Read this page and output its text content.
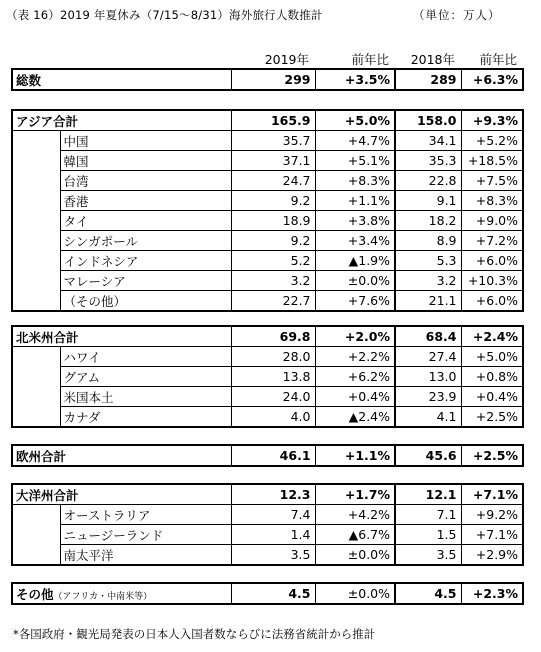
（表 16）2019 年夏休み（7/15～8/31）海外旅行人数推計	（単位：万人）
			2019年	前年比	2018年	前年比
総数	299	+3.5%	289	+6.3%
アジア合計		165.9	+5.0%	158.0	+9.3%
	中国	35.7	+4.7%	34.1	+5.2%
	韓国	37.1	+5.1%	35.3	+18.5%
	台湾	24.7	+8.3%	22.8	+7.5%
	香港	9.2	+1.1%	9.1	+8.3%
	タイ	18.9	+3.8%	18.2	+9.0%
	シンガポール	9.2	+3.4%	8.9	+7.2%
	インドネシア	5.2	▲1.9%	5.3	+6.0%
	マレーシア	3.2	±0.0%	3.2	+10.3%
	（その他）	22.7	+7.6%	21.1	+6.0%
北米州合計		69.8	+2.0%	68.4	+2.4%
	ハワイ	28.0	+2.2%	27.4	+5.0%
	グアム	13.8	+6.2%	13.0	+0.8%
	米国本土	24.0	+0.4%	23.9	+0.4%
	カナダ	4.0	▲2.4%	4.1	+2.5%
欧州合計	46.1	+1.1%	45.6	+2.5%
大洋州合計		12.3	+1.7%	12.1	+7.1%
	オーストラリア	7.4	+4.2%	7.1	+9.2%
	ニュージーランド	1.4	▲6.7%	1.5	+7.1%
	南太平洋	3.5	±0.0%	3.5	+2.9%
その他（アフリカ・中南米等）	4.5	±0.0%	4.5	+2.3%
*各国政府・観光局発表の日本人入国者数ならびに法務省統計から推計
